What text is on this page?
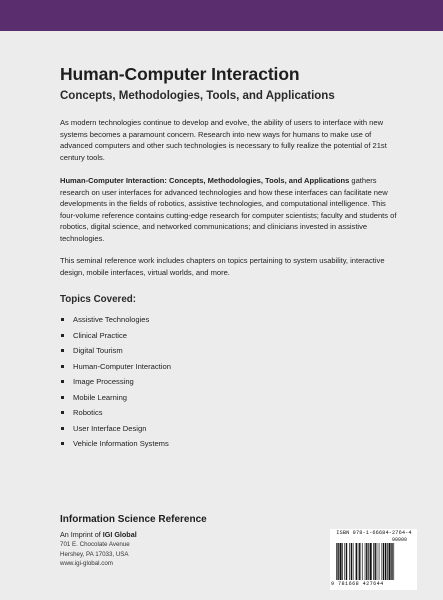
Human-Computer Interaction
Concepts, Methodologies, Tools, and Applications

As modern technologies continue to develop and evolve, the ability of users to interface with new systems becomes a paramount concern. Research into new ways for humans to make use of advanced computers and other such technologies is necessary to fully realize the potential of 21st century tools.

Human-Computer Interaction: Concepts, Methodologies, Tools, and Applications gathers research on user interfaces for advanced technologies and how these interfaces can facilitate new developments in the fields of robotics, assistive technologies, and computational intelligence. This four-volume reference contains cutting-edge research for computer scientists; faculty and students of robotics, digital science, and networked communications; and clinicians invested in assistive technologies.

This seminal reference work includes chapters on topics pertaining to system usability, interactive design, mobile interfaces, virtual worlds, and more.

Topics Covered:
Assistive Technologies
Clinical Practice
Digital Tourism
Human-Computer Interaction
Image Processing
Mobile Learning
Robotics
User Interface Design
Vehicle Information Systems

Information Science Reference

An Imprint of IGI Global

701 E. Chocolate Avenue

Hershey, PA 17033, USA

www.igi-global.com

ISBN 978-1-66684-2764-4
90000
9 781668 427644
